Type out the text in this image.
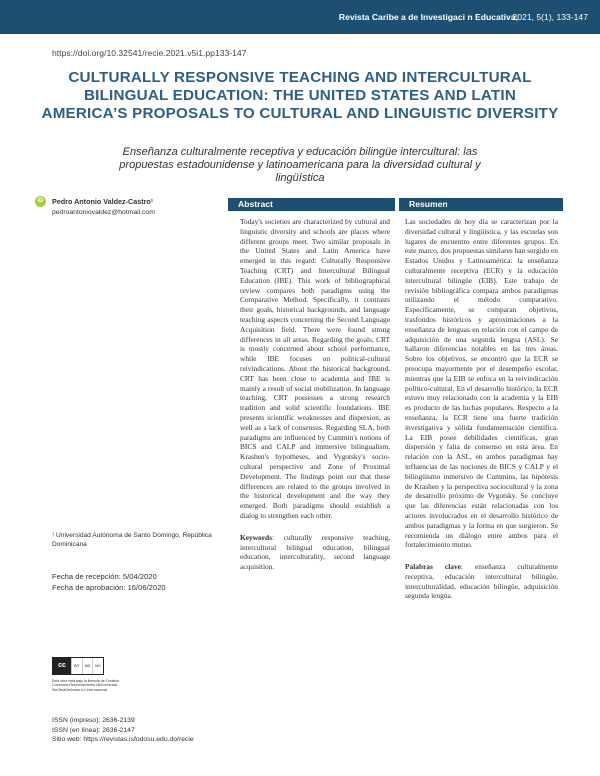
Revista Caribe a de Investigaci n Educativa,
2021, 5(1), 133-147
https://doi.org/10.32541/recie.2021.v5i1.pp133-147
CULTURALLY RESPONSIVE TEACHING AND INTERCULTURAL BILINGUAL EDUCATION: THE UNITED STATES AND LATIN AMERICA’S PROPOSALS TO CULTURAL AND LINGUISTIC DIVERSITY
Enseñanza culturalmente receptiva y educación bilingüe intercultural: las propuestas estadounidense y latinoamericana para la diversidad cultural y lingüística
iD	Pedro Antonio Valdez-Castro¹
pedroantoniovaldez@hotmail.com
¹ Universidad Autónoma de Santo Domingo, República Dominicana
Fecha de recepción: 5/04/2020
Fecha de aprobación: 16/06/2020
cc	BY	ND	NC
Esta obra está bajo la licencia de Creative Commons Reconocimiento-NoComercial-SinObraDerivada 4.0 Internacional.
ISSN (impreso): 2636-2139
ISSN (en línea): 2636-2147
Sitio web: https://revistas.isfodosu.edu.do/recie
Abstract	Resumen

Today's societies are characterized by cultural and linguistic diversity and schools are places where different groups meet. Two similar proposals in the United States and Latin America have emerged in this regard: Culturally Responsive Teaching (CRT) and Intercultural Bilingual Education (IBE). This work of bibliographical review compares both paradigms using the Comparative Method. Specifically, it contrasts their goals, historical backgrounds, and language teaching aspects concerning the Second Language Acquisition field. There were found strong differences in all areas. Regarding the goals, CRT is mostly concerned about school performance, while IBE focuses on political-cultural reivindications. About the historical background, CRT has been close to academia and IBE is mainly a result of social mobilization. In language teaching, CRT possesses a strong research tradition and solid scientific foundations. IBE presents scientific weaknesses and dispersion, as well as a lack of consensus. Regarding SLA, both paradigms are influenced by Cummin's notions of BICS and CALP and immersive bilingualism, Krashen's hypotheses, and Vygotsky's socio-cultural perspective and Zone of Proximal Development. The findings point out that these differences are related to the groups involved in the historical development and the way they emerged. Both paradigms should establish a dialog to strengthen each other.

Keywords: culturally responsive teaching, intercultural bilingual education, bilingual education, interculturality, second language acquisition.

Las sociedades de hoy día se caracterizan por la diversidad cultural y lingüística, y las escuelas son lugares de encuentro entre diferentes grupos. En este marco, dos propuestas similares han surgido en Estados Unidos y Latinoamérica: la enseñanza culturalmente receptiva (ECR) y la educación intercultural bilingüe (EIB). Este trabajo de revisión bibliográfica compara ambos paradigmas utilizando el método comparativo. Específicamente, se comparan objetivos, trasfondos históricos y aproximaciones a la enseñanza de lenguas en relación con el campo de adquisición de una segunda lengua (ASL). Se hallaron diferencias notables en las tres áreas. Sobre los objetivos, se encontró que la ECR se preocupa mayormente por el desempeño escolar, mientras que la EIB se enfoca en la reivindicación político-cultural. En el desarrollo histórico, la ECR estuvo muy relacionado con la academia y la EIB es producto de las luchas populares. Respecto a la enseñanza, la ECR tiene una fuerte tradición investigativa y sólida fundamentación científica. La EIB posee debilidades científicas, gran dispersión y falta de consenso en esta área. En relación con la ASL, en ambos paradigmas hay influencias de las nociones de BICS y CALP y el bilingüismo inmersivo de Cummins, las hipótesis de Krashen y la perspectiva sociocultural y la zona de desarrollo próximo de Vygotsky. Se concluye que las diferencias están relacionadas con los actores involucrados en el desarrollo histórico de ambos paradigmas y la forma en que surgieron. Se recomienda un diálogo entre ambos para el fortalecimiento mutuo.

Palabras clave: enseñanza culturalmente receptiva, educación intercultural bilingüe, interculturalidad, educación bilingüe, adquisición segunda lengua.
